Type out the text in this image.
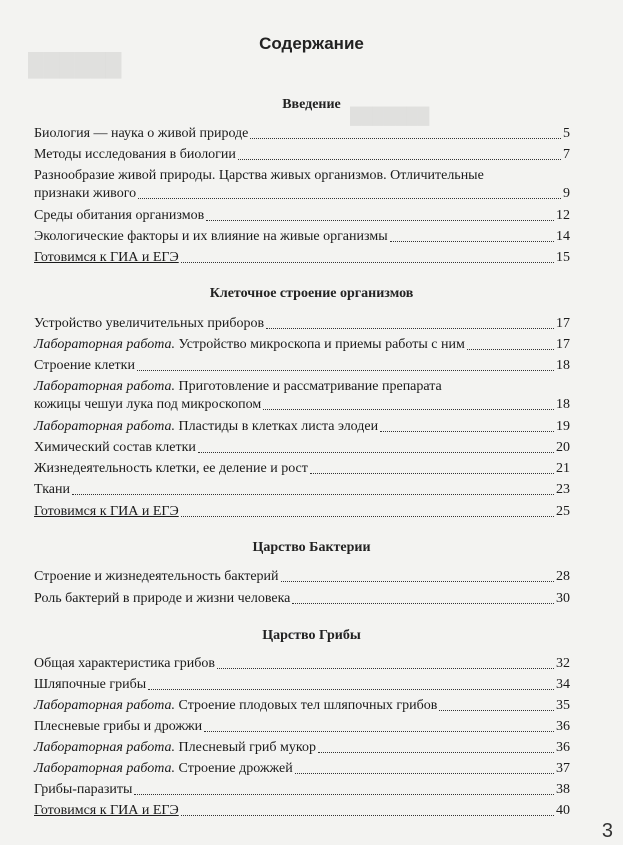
██████
███████
Содержание
Введение
Биология — наука о живой природе	5
Методы исследования в биологии	7
Разнообразие живой природы. Царства живых организмов. Отличительные
признаки живого	9
Среды обитания организмов	12
Экологические факторы и их влияние на живые организмы	14
Готовимся к ГИА и ЕГЭ	15
Клеточное строение организмов
Устройство увеличительных приборов	17
Лабораторная работа. Устройство микроскопа и приемы работы с ним	17
Строение клетки	18
Лабораторная работа. Приготовление и рассматривание препарата
кожицы чешуи лука под микроскопом	18
Лабораторная работа. Пластиды в клетках листа элодеи	19
Химический состав клетки	20
Жизнедеятельность клетки, ее деление и рост	21
Ткани	23
Готовимся к ГИА и ЕГЭ	25
Царство Бактерии
Строение и жизнедеятельность бактерий	28
Роль бактерий в природе и жизни человека	30
Царство Грибы
Общая характеристика грибов	32
Шляпочные грибы	34
Лабораторная работа. Строение плодовых тел шляпочных грибов	35
Плесневые грибы и дрожжи	36
Лабораторная работа. Плесневый гриб мукор	36
Лабораторная работа. Строение дрожжей	37
Грибы-паразиты	38
Готовимся к ГИА и ЕГЭ	40
3
